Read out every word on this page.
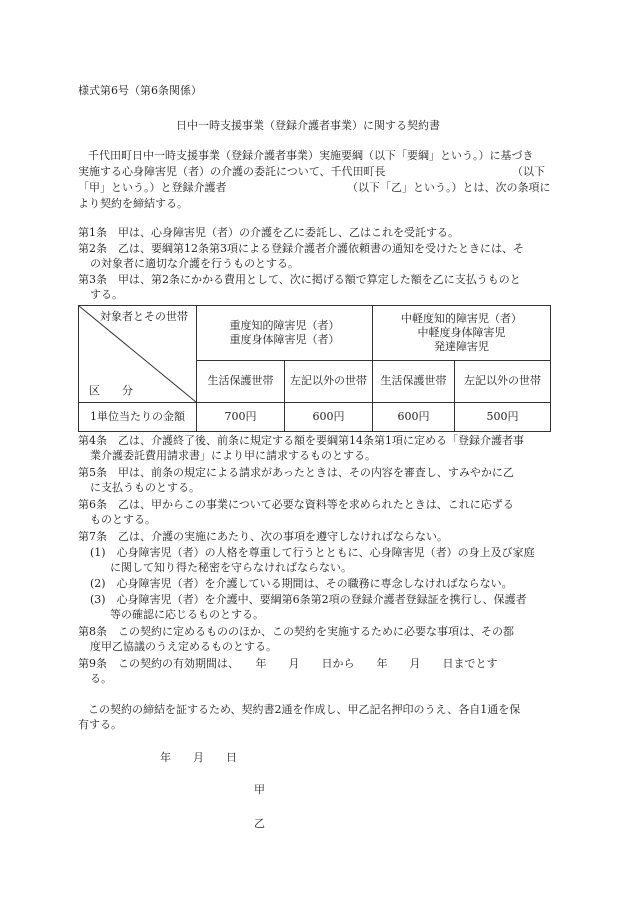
様式第6号（第6条関係）
日中一時支援事業（登録介護者事業）に関する契約書
千代田町日中一時支援事業（登録介護者事業）実施要綱（以下「要綱」という。）に基づき
実施する心身障害児（者）の介護の委託について、千代田町長	（以下
「甲」という。）と登録介護者	（以下「乙」という。）とは、次の条項に
より契約を締結する。
第1条　甲は、心身障害児（者）の介護を乙に委託し、乙はこれを受託する。
第2条　乙は、要綱第12条第3項による登録介護者介護依頼書の通知を受けたときには、そ
の対象者に適切な介護を行うものとする。
第3条　甲は、第2条にかかる費用として、次に掲げる額で算定した額を乙に支払うものと
する。
対象者とその世帯
区　　分	重度知的障害児（者）
重度身体障害児（者）		中軽度知的障害児（者）
中軽度身体障害児
発達障害児	

	生活保護世帯	左記以外の世帯	生活保護世帯	左記以外の世帯
1単位当たりの金額	700円	600円	600円	500円
第4条　乙は、介護終了後、前条に規定する額を要綱第14条第1項に定める「登録介護者事
業介護委託費用請求書」により甲に請求するものとする。
第5条　甲は、前条の規定による請求があったときは、その内容を審査し、すみやかに乙
に支払うものとする。
第6条　乙は、甲からこの事業について必要な資料等を求められたときは、これに応ずる
ものとする。
第7条　乙は、介護の実施にあたり、次の事項を遵守しなければならない。
(1)　心身障害児（者）の人格を尊重して行うとともに、心身障害児（者）の身上及び家庭
に関して知り得た秘密を守らなければならない。
(2)　心身障害児（者）を介護している期間は、その職務に専念しなければならない。
(3)　心身障害児（者）を介護中、要綱第6条第2項の登録介護者登録証を携行し、保護者
等の確認に応じるものとする。
第8条　この契約に定めるもののほか、この契約を実施するために必要な事項は、その都
度甲乙協議のうえ定めるものとする。
第9条　この契約の有効期間は、　　年　　月　　日から　　年　　月　　日までとす
る。
この契約の締結を証するため、契約書2通を作成し、甲乙記名押印のうえ、各自1通を保
有する。
年　　月　　日
甲
乙
